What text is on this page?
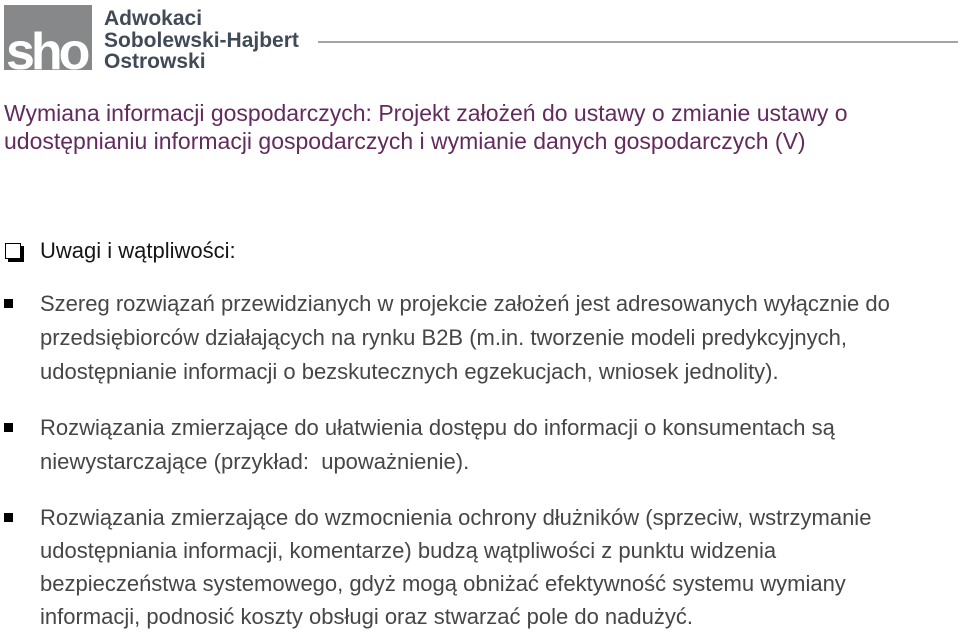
sho
Adwokaci
Sobolewski-Hajbert
Ostrowski
Wymiana informacji gospodarczych: Projekt założeń do ustawy o zmianie ustawy o
udostępnianiu informacji gospodarczych i wymianie danych gospodarczych (V)
Uwagi i wątpliwości:
Szereg rozwiązań przewidzianych w projekcie założeń jest adresowanych wyłącznie do
przedsiębiorców działających na rynku B2B (m.in. tworzenie modeli predykcyjnych,
udostępnianie informacji o bezskutecznych egzekucjach, wniosek jednolity).
Rozwiązania zmierzające do ułatwienia dostępu do informacji o konsumentach są
niewystarczające (przykład:  upoważnienie).
Rozwiązania zmierzające do wzmocnienia ochrony dłużników (sprzeciw, wstrzymanie
udostępniania informacji, komentarze) budzą wątpliwości z punktu widzenia
bezpieczeństwa systemowego, gdyż mogą obniżać efektywność systemu wymiany
informacji, podnosić koszty obsługi oraz stwarzać pole do nadużyć.
